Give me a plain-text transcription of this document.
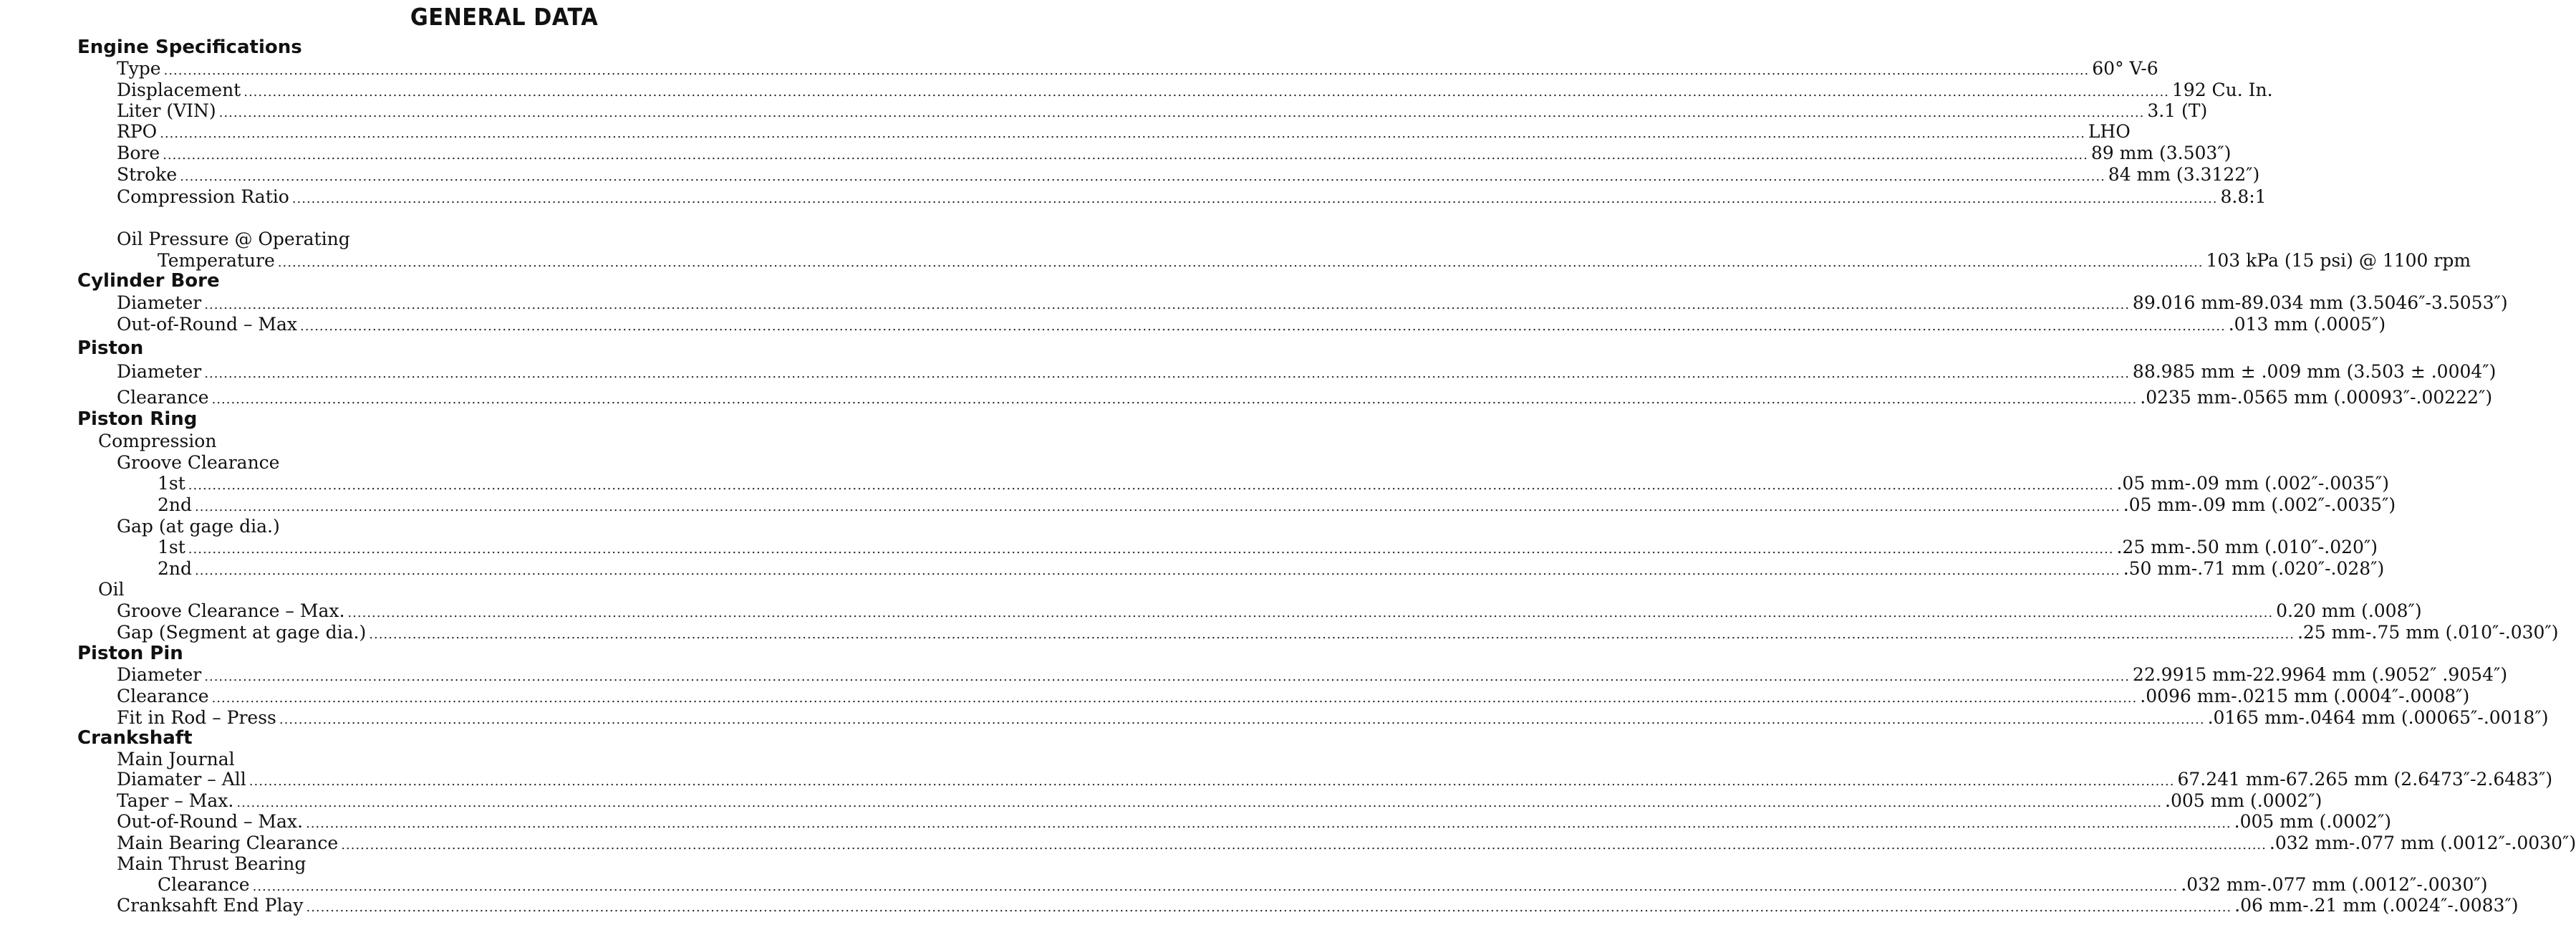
GENERAL DATA
Engine Specifications
Type ................................................................................................................................................................................................................................................................................................................................................................................................................ 60° V-6
Displacement ................................................................................................................................................................................................................................................................................................................................................................................................................ 192 Cu. In.
Liter (VIN) ................................................................................................................................................................................................................................................................................................................................................................................................................ 3.1 (T)
RPO ................................................................................................................................................................................................................................................................................................................................................................................................................ LHO
Bore ................................................................................................................................................................................................................................................................................................................................................................................................................ 89 mm (3.503″)
Stroke ................................................................................................................................................................................................................................................................................................................................................................................................................ 84 mm (3.3122″)
Compression Ratio ................................................................................................................................................................................................................................................................................................................................................................................................................ 8.8:1
Oil Pressure @ Operating
Temperature ................................................................................................................................................................................................................................................................................................................................................................................................................ 103 kPa (15 psi) @ 1100 rpm
Cylinder Bore
Diameter ................................................................................................................................................................................................................................................................................................................................................................................................................ 89.016 mm-89.034 mm (3.5046″-3.5053″)
Out-of-Round – Max ................................................................................................................................................................................................................................................................................................................................................................................................................ .013 mm (.0005″)
Piston
Diameter ................................................................................................................................................................................................................................................................................................................................................................................................................ 88.985 mm ± .009 mm (3.503 ± .0004″)
Clearance ................................................................................................................................................................................................................................................................................................................................................................................................................ .0235 mm-.0565 mm (.00093″-.00222″)
Piston Ring
Compression
Groove Clearance
1st ................................................................................................................................................................................................................................................................................................................................................................................................................ .05 mm-.09 mm (.002″-.0035″)
2nd ................................................................................................................................................................................................................................................................................................................................................................................................................ .05 mm-.09 mm (.002″-.0035″)
Gap (at gage dia.)
1st ................................................................................................................................................................................................................................................................................................................................................................................................................ .25 mm-.50 mm (.010″-.020″)
2nd ................................................................................................................................................................................................................................................................................................................................................................................................................ .50 mm-.71 mm (.020″-.028″)
Oil
Groove Clearance – Max. ................................................................................................................................................................................................................................................................................................................................................................................................................ 0.20 mm (.008″)
Gap (Segment at gage dia.) ................................................................................................................................................................................................................................................................................................................................................................................................................ .25 mm-.75 mm (.010″-.030″)
Piston Pin
Diameter ................................................................................................................................................................................................................................................................................................................................................................................................................ 22.9915 mm-22.9964 mm (.9052″ .9054″)
Clearance ................................................................................................................................................................................................................................................................................................................................................................................................................ .0096 mm-.0215 mm (.0004″-.0008″)
Fit in Rod – Press ................................................................................................................................................................................................................................................................................................................................................................................................................ .0165 mm-.0464 mm (.00065″-.0018″)
Crankshaft
Main Journal
Diamater – All ................................................................................................................................................................................................................................................................................................................................................................................................................ 67.241 mm-67.265 mm (2.6473″-2.6483″)
Taper – Max. ................................................................................................................................................................................................................................................................................................................................................................................................................ .005 mm (.0002″)
Out-of-Round – Max. ................................................................................................................................................................................................................................................................................................................................................................................................................ .005 mm (.0002″)
Main Bearing Clearance ................................................................................................................................................................................................................................................................................................................................................................................................................ .032 mm-.077 mm (.0012″-.0030″)
Main Thrust Bearing
Clearance ................................................................................................................................................................................................................................................................................................................................................................................................................ .032 mm-.077 mm (.0012″-.0030″)
Cranksahft End Play ................................................................................................................................................................................................................................................................................................................................................................................................................ .06 mm-.21 mm (.0024″-.0083″)
